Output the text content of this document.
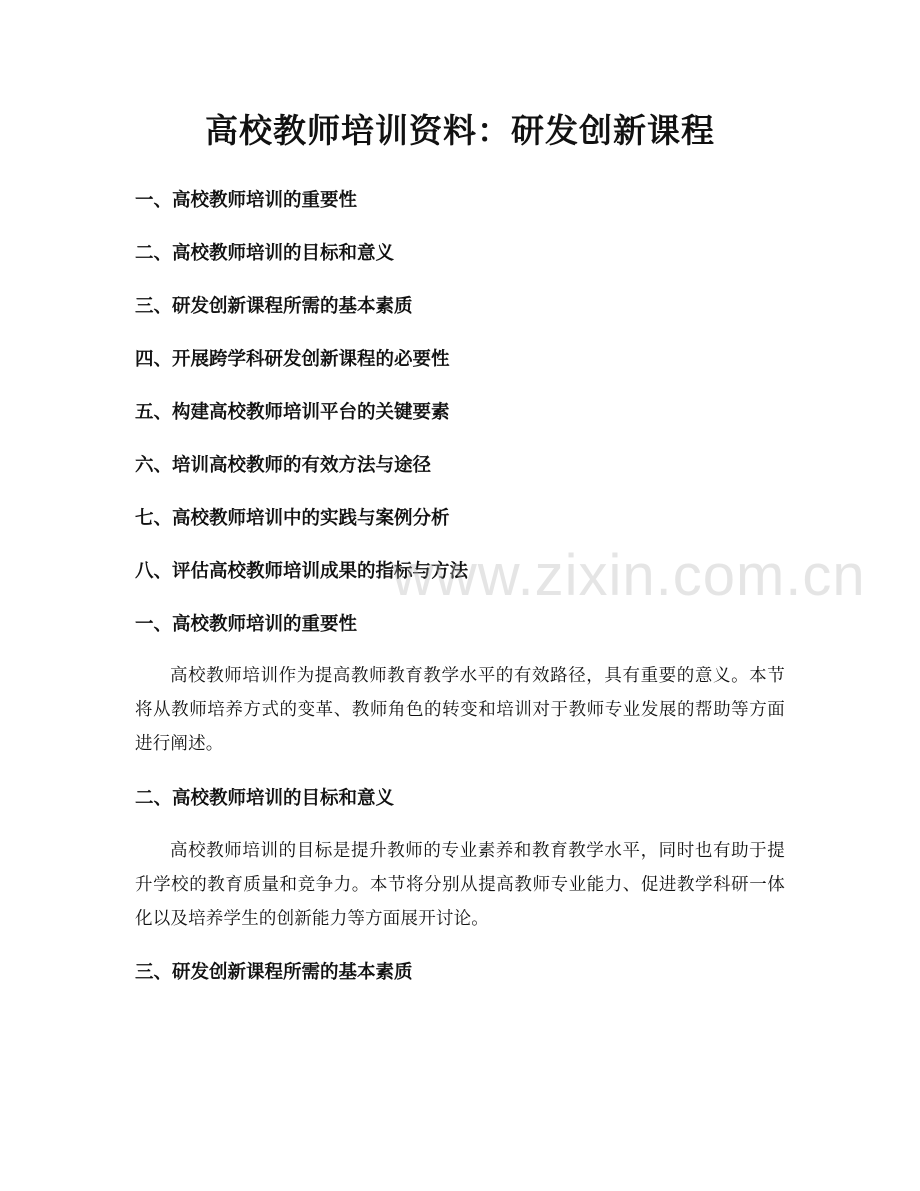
高校教师培训资料：研发创新课程

一、高校教师培训的重要性

二、高校教师培训的目标和意义

三、研发创新课程所需的基本素质

四、开展跨学科研发创新课程的必要性

五、构建高校教师培训平台的关键要素

六、培训高校教师的有效方法与途径

七、高校教师培训中的实践与案例分析

八、评估高校教师培训成果的指标与方法

一、高校教师培训的重要性

高校教师培训作为提高教师教育教学水平的有效路径，具有重要的意义。本节将从教师培养方式的变革、教师角色的转变和培训对于教师专业发展的帮助等方面进行阐述。

二、高校教师培训的目标和意义

高校教师培训的目标是提升教师的专业素养和教育教学水平，同时也有助于提升学校的教育质量和竞争力。本节将分别从提高教师专业能力、促进教学科研一体化以及培养学生的创新能力等方面展开讨论。

三、研发创新课程所需的基本素质

www.zixin.com.cn
